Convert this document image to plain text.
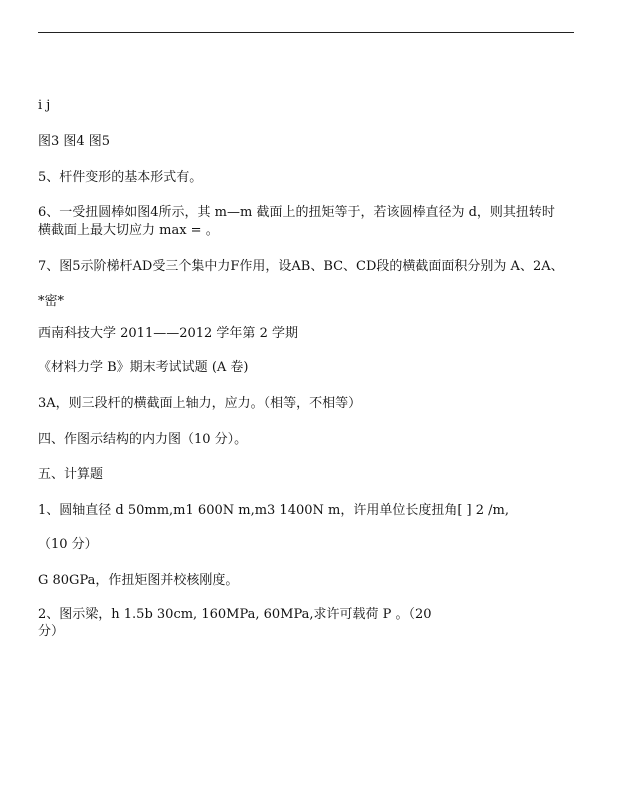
i j
图3 图4 图5
5、杆件变形的基本形式有。
6、一受扭圆棒如图4所示，其 m—m 截面上的扭矩等于，若该圆棒直径为 d，则其扭转时
横截面上最大切应力 max = 。
7、图5示阶梯杆AD受三个集中力F作用，设AB、BC、CD段的横截面面积分别为 A、2A、
*密*
西南科技大学 2011——2012 学年第 2 学期
《材料力学 B》期末考试试题 (A 卷)
3A，则三段杆的横截面上轴力，应力。（相等，不相等）
四、作图示结构的内力图（10 分）。
五、计算题
1、圆轴直径 d 50mm,m1 600N m,m3 1400N m，许用单位长度扭角[ ] 2 /m,
（10 分）
G 80GPa，作扭矩图并校核刚度。
2、图示梁，h 1.5b 30cm, 160MPa, 60MPa,求许可载荷 P 。（20
分）
